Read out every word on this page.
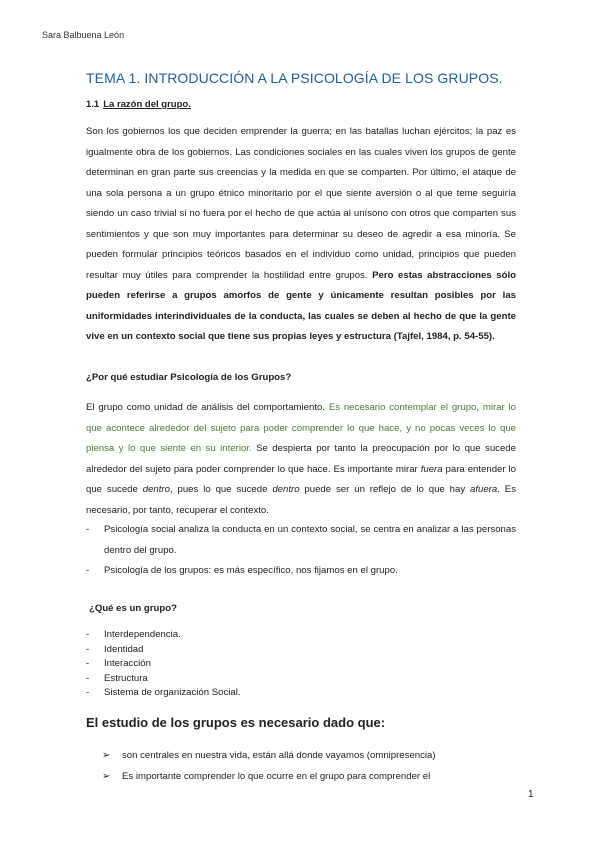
Sara Balbuena León
TEMA 1. INTRODUCCIÓN A LA PSICOLOGÍA DE LOS GRUPOS.
1.1 La razón del grupo.
Son los gobiernos los que deciden emprender la guerra; en las batallas luchan ejércitos; la paz es igualmente obra de los gobiernos. Las condiciones sociales en las cuales viven los grupos de gente determinan en gran parte sus creencias y la medida en que se comparten. Por último, el ataque de una sola persona a un grupo étnico minoritario por el que siente aversión o al que teme seguiría siendo un caso trivial si no fuera por el hecho de que actúa al unísono con otros que comparten sus sentimientos y que son muy importantes para determinar su deseo de agredir a esa minoría. Se pueden formular principios teóricos basados en el individuo como unidad, principios que pueden resultar muy útiles para comprender la hostilidad entre grupos. Pero estas abstracciones sólo pueden referirse a grupos amorfos de gente y únicamente resultan posibles por las uniformidades interindividuales de la conducta, las cuales se deben al hecho de que la gente vive en un contexto social que tiene sus propias leyes y estructura (Tajfel, 1984, p. 54-55).
¿Por qué estudiar Psicología de los Grupos?
El grupo como unidad de análisis del comportamiento. Es necesario contemplar el grupo, mirar lo que acontece alrededor del sujeto para poder comprender lo que hace, y no pocas veces lo que piensa y lo que siente en su interior. Se despierta por tanto la preocupación por lo que sucede alrededor del sujeto para poder comprender lo que hace. Es importante mirar fuera para entender lo que sucede dentro, pues lo que sucede dentro puede ser un reflejo de lo que hay afuera. Es necesario, por tanto, recuperar el contexto.
- Psicología social analiza la conducta en un contexto social, se centra en analizar a las personas dentro del grupo.
- Psicología de los grupos: es más específico, nos fijamos en el grupo.
¿Qué es un grupo?
- Interdependencia.
- Identidad
- Interacción
- Estructura
- Sistema de organización Social.
El estudio de los grupos es necesario dado que:
➢ son centrales en nuestra vida, están allá donde vayamos (omnipresencia)
➢ Es importante comprender lo que ocurre en el grupo para comprender el
1
